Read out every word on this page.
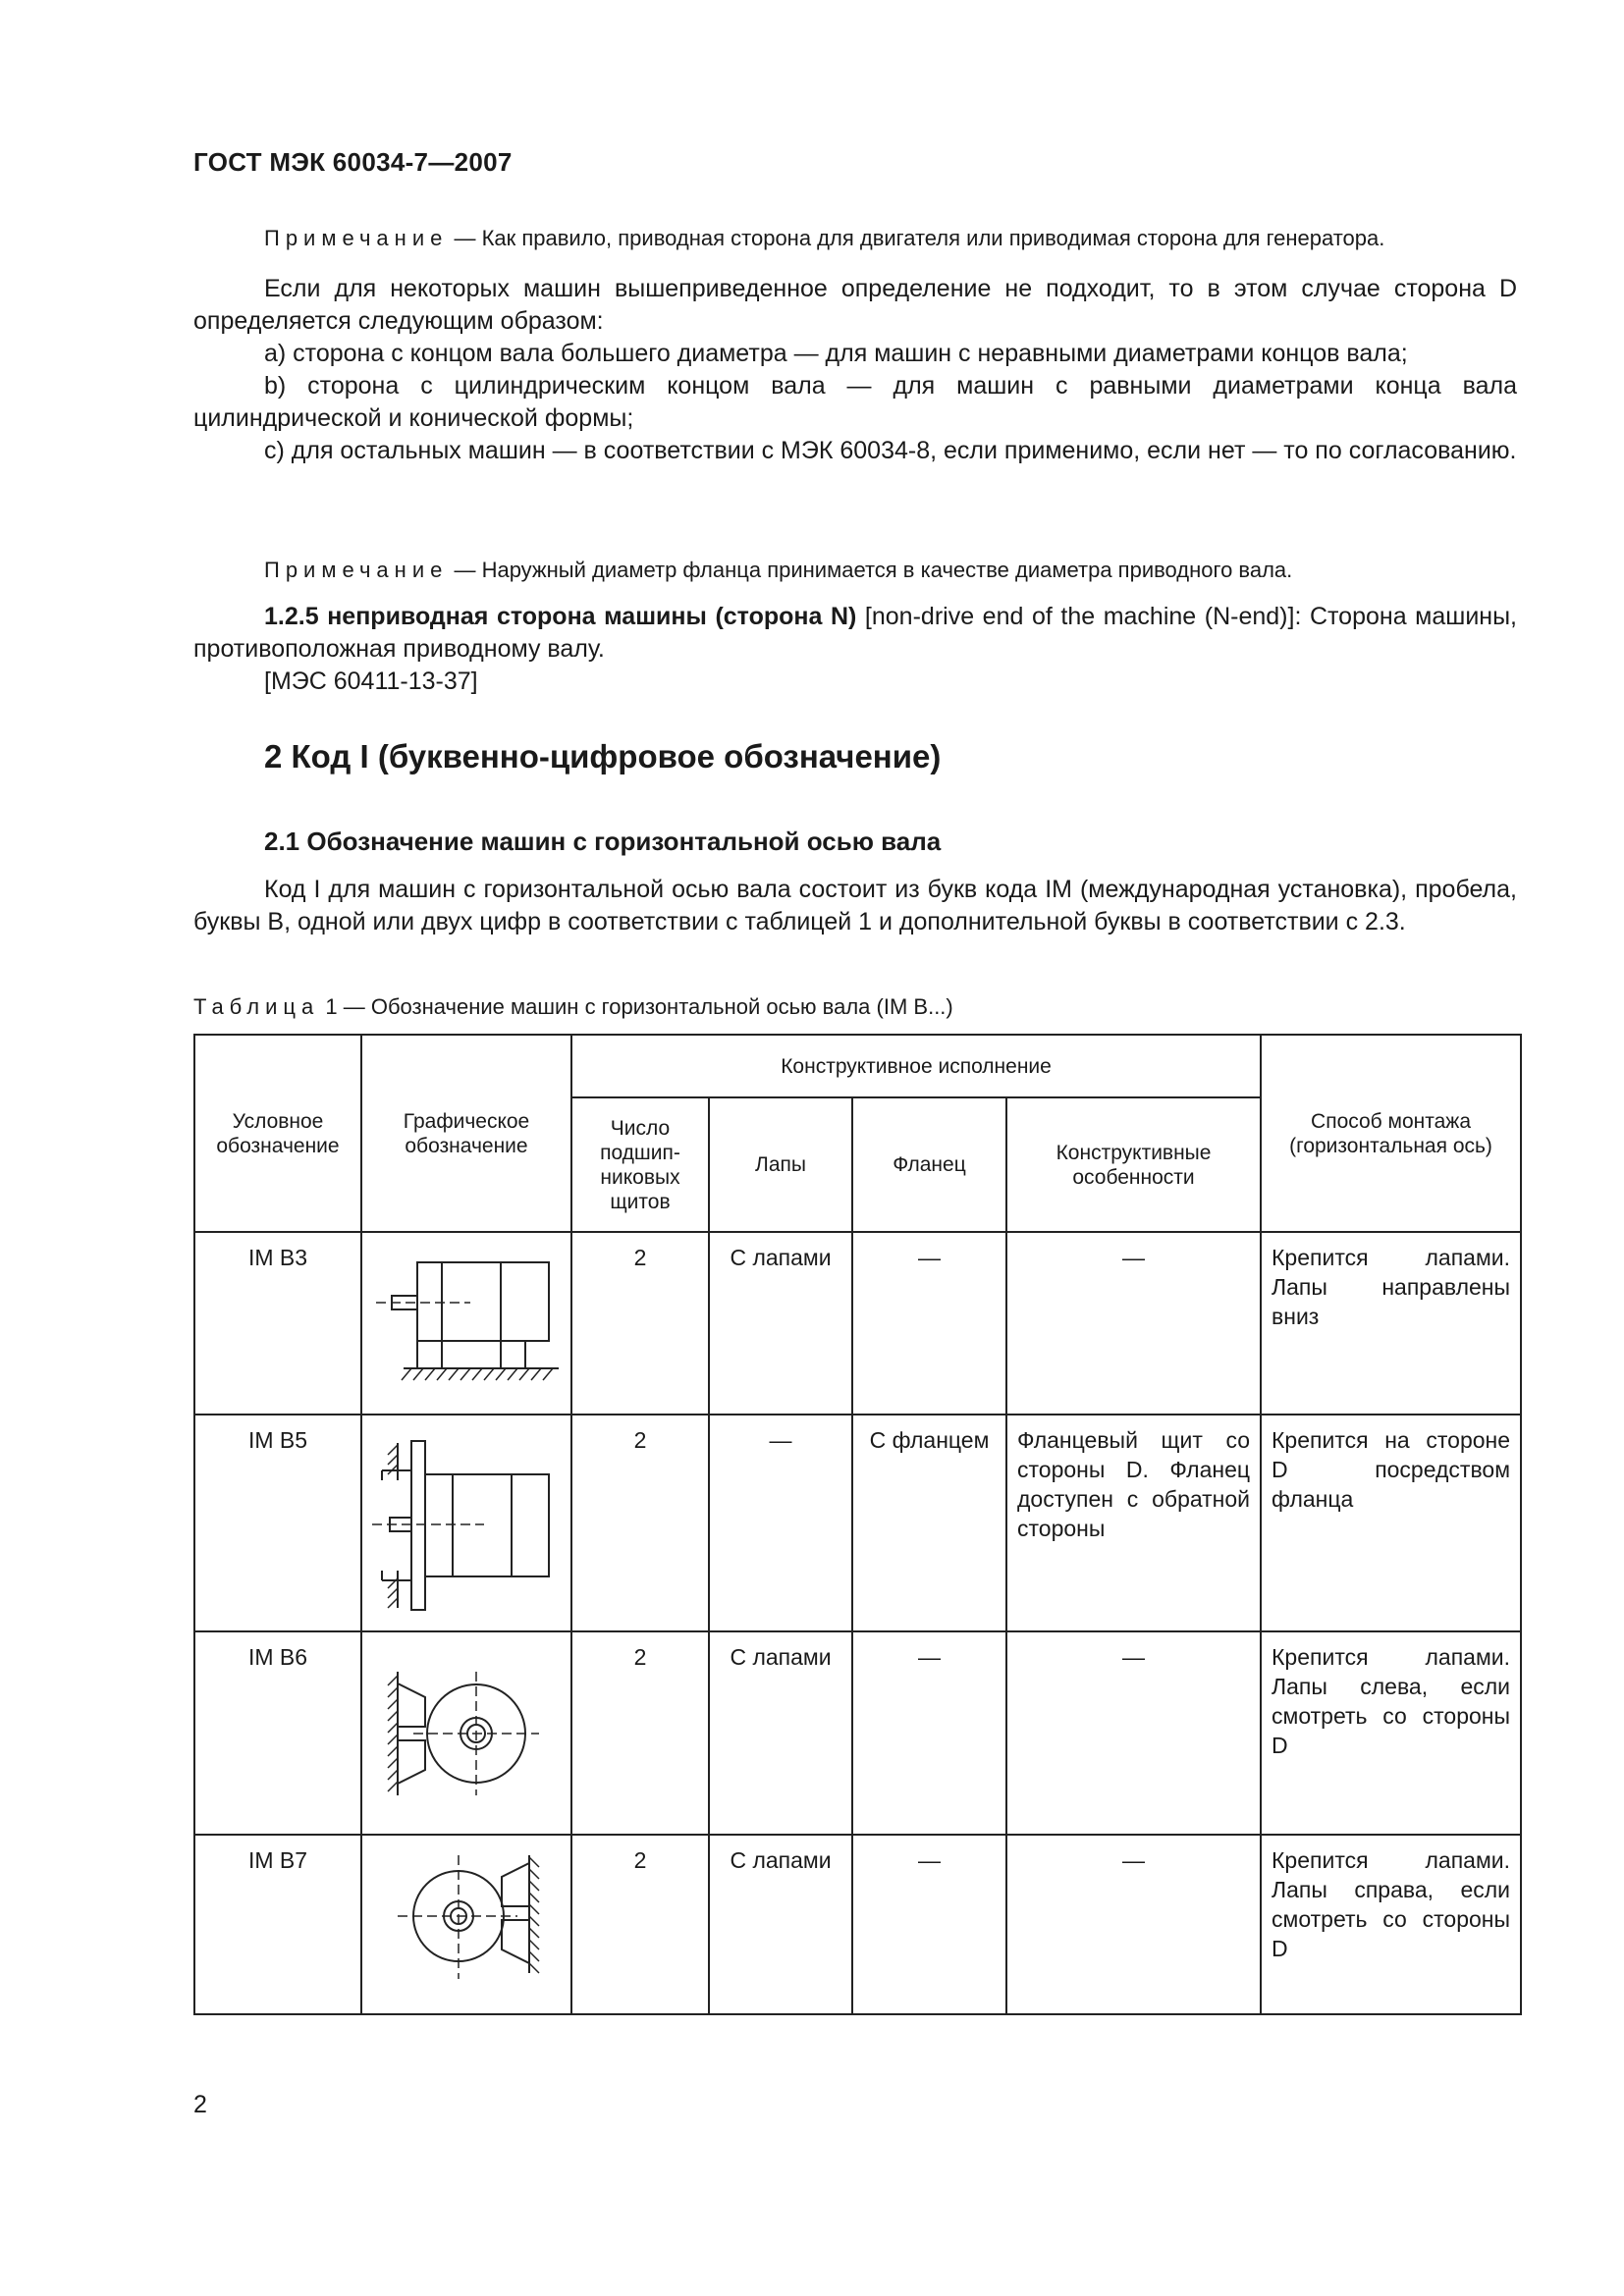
ГОСТ МЭК 60034-7—2007

Примечание — Как правило, приводная сторона для двигателя или приводимая сторона для генератора.

Если для некоторых машин вышеприведенное определение не подходит, то в этом случае сторона D определяется следующим образом:

a) сторона с концом вала большего диаметра — для машин с неравными диаметрами концов вала;

b) сторона с цилиндрическим концом вала — для машин с равными диаметрами конца вала цилиндрической и конической формы;

c) для остальных машин — в соответствии с МЭК 60034-8, если применимо, если нет — то по согласованию.

Примечание — Наружный диаметр фланца принимается в качестве диаметра приводного вала.

1.2.5 неприводная сторона машины (сторона N) [non-drive end of the machine (N-end)]: Сторона машины, противоположная приводному валу.

[МЭС 60411-13-37]

2 Код I (буквенно-цифровое обозначение)
2.1 Обозначение машин с горизонтальной осью вала

Код I для машин с горизонтальной осью вала состоит из букв кода IM (международная установка), пробела, буквы В, одной или двух цифр в соответствии с таблицей 1 и дополнительной буквы в соответствии с 2.3.

Таблица 1 — Обозначение машин с горизонтальной осью вала (IM B...)

Условное обозначение	Графическое обозначение	Конструктивное исполнение				Способ монтажа (горизонтальная ось)
		Число подшип-никовых щитов	Лапы	Фланец	Конструктивные особенности	
IM B3		2	С лапами	—	—	Крепится лапами. Лапы направлены вниз
IM B5		2	—	С фланцем	Фланцевый щит со стороны D. Фланец доступен с обратной стороны	Крепится на стороне D посредством фланца
IM B6		2	С лапами	—	—	Крепится лапами. Лапы слева, если смотреть со стороны D
IM B7		2	С лапами	—	—	Крепится лапами. Лапы справа, если смотреть со стороны D
2
